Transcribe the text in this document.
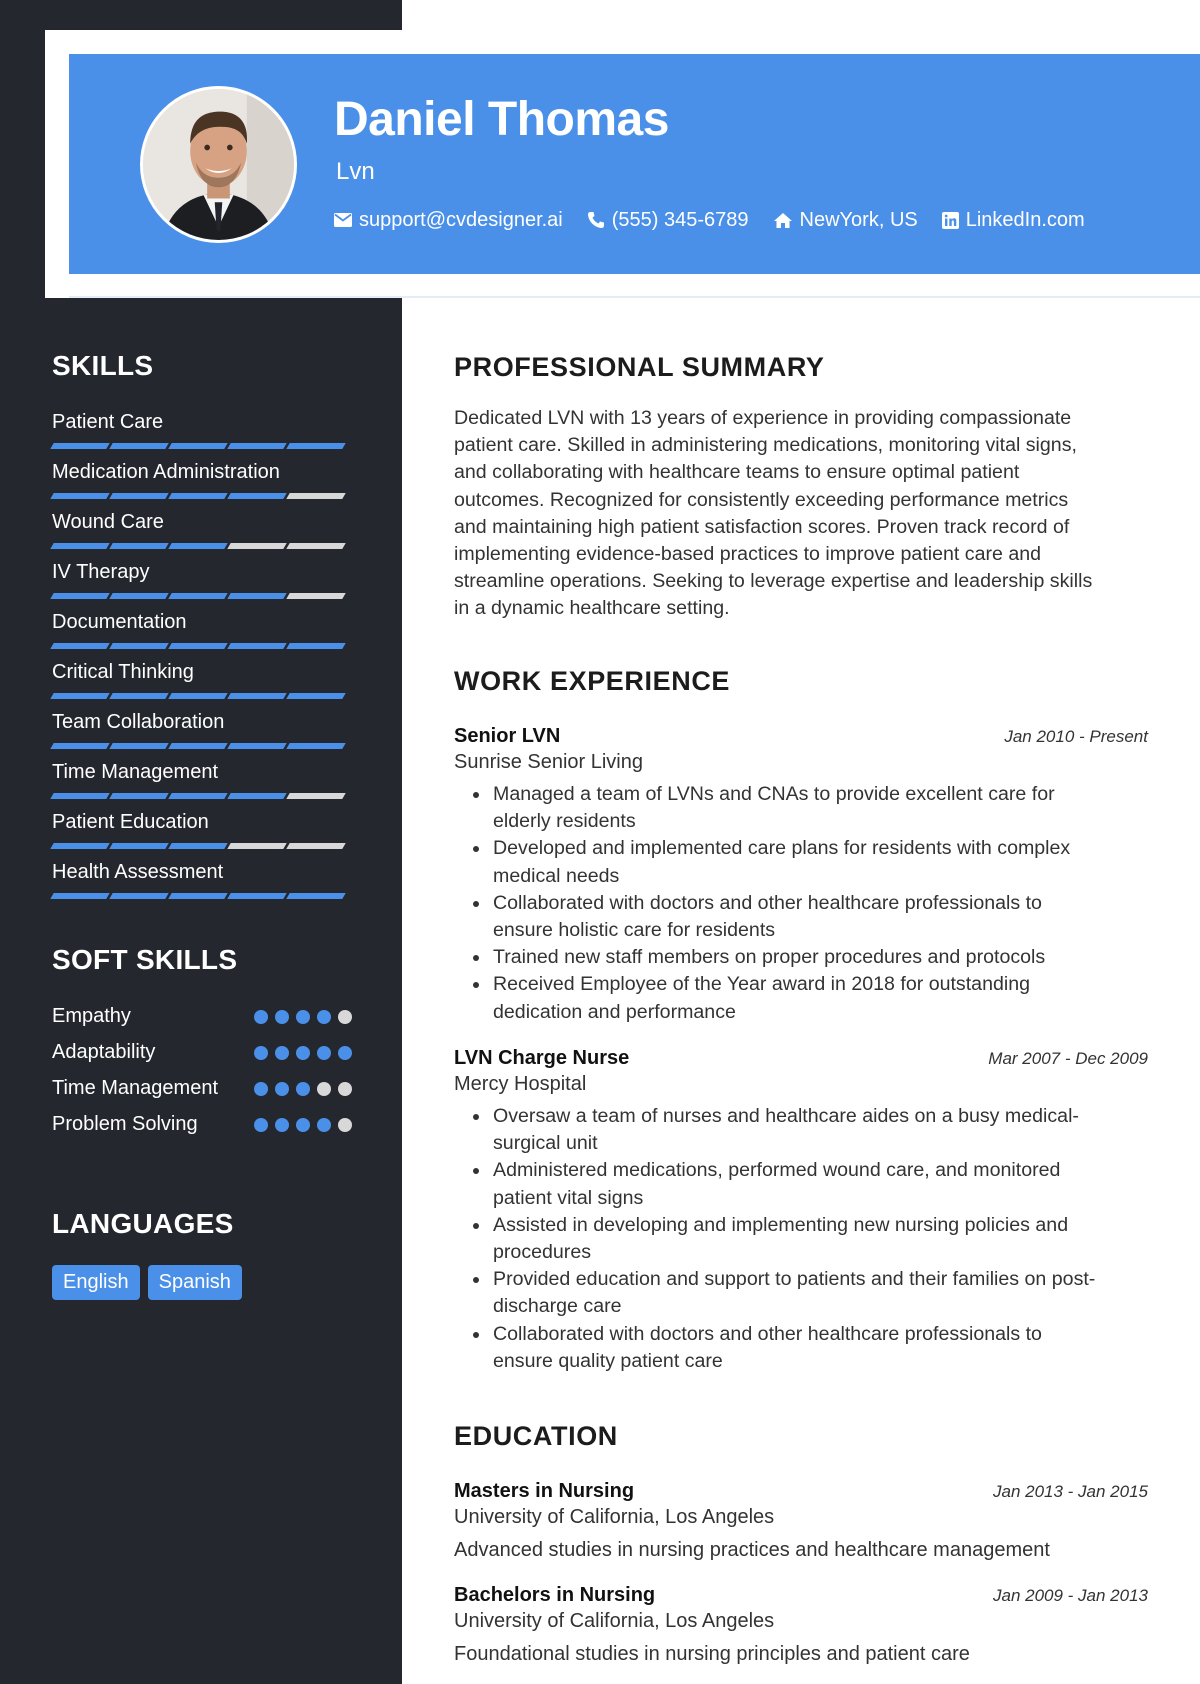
Daniel Thomas
Lvn
support@cvdesigner.ai (555) 345-6789	NewYork, US LinkedIn.com
SKILLS
Patient Care
Medication Administration
Wound Care
IV Therapy
Documentation
Critical Thinking
Team Collaboration
Time Management
Patient Education
Health Assessment
SOFT SKILLS
Empathy
Adaptability
Time Management
Problem Solving
LANGUAGES
English	Spanish
PROFESSIONAL SUMMARY
Dedicated LVN with 13 years of experience in providing compassionate
patient care. Skilled in administering medications, monitoring vital signs,
and collaborating with healthcare teams to ensure optimal patient
outcomes. Recognized for consistently exceeding performance metrics
and maintaining high patient satisfaction scores. Proven track record of
implementing evidence-based practices to improve patient care and
streamline operations. Seeking to leverage expertise and leadership skills
in a dynamic healthcare setting.
WORK EXPERIENCE
Senior LVN	Jan 2010 - Present
Sunrise Senior Living
• Managed a team of LVNs and CNAs to provide excellent care for
elderly residents
• Developed and implemented care plans for residents with complex
medical needs
• Collaborated with doctors and other healthcare professionals to
ensure holistic care for residents
• Trained new staff members on proper procedures and protocols
• Received Employee of the Year award in 2018 for outstanding
dedication and performance
LVN Charge Nurse	Mar 2007 - Dec 2009
Mercy Hospital
• Oversaw a team of nurses and healthcare aides on a busy medical-
surgical unit
• Administered medications, performed wound care, and monitored
patient vital signs
• Assisted in developing and implementing new nursing policies and
procedures
• Provided education and support to patients and their families on post-
discharge care
• Collaborated with doctors and other healthcare professionals to
ensure quality patient care
EDUCATION
Masters in Nursing	Jan 2013 - Jan 2015
University of California, Los Angeles
Advanced studies in nursing practices and healthcare management
Bachelors in Nursing	Jan 2009 - Jan 2013
University of California, Los Angeles
Foundational studies in nursing principles and patient care
